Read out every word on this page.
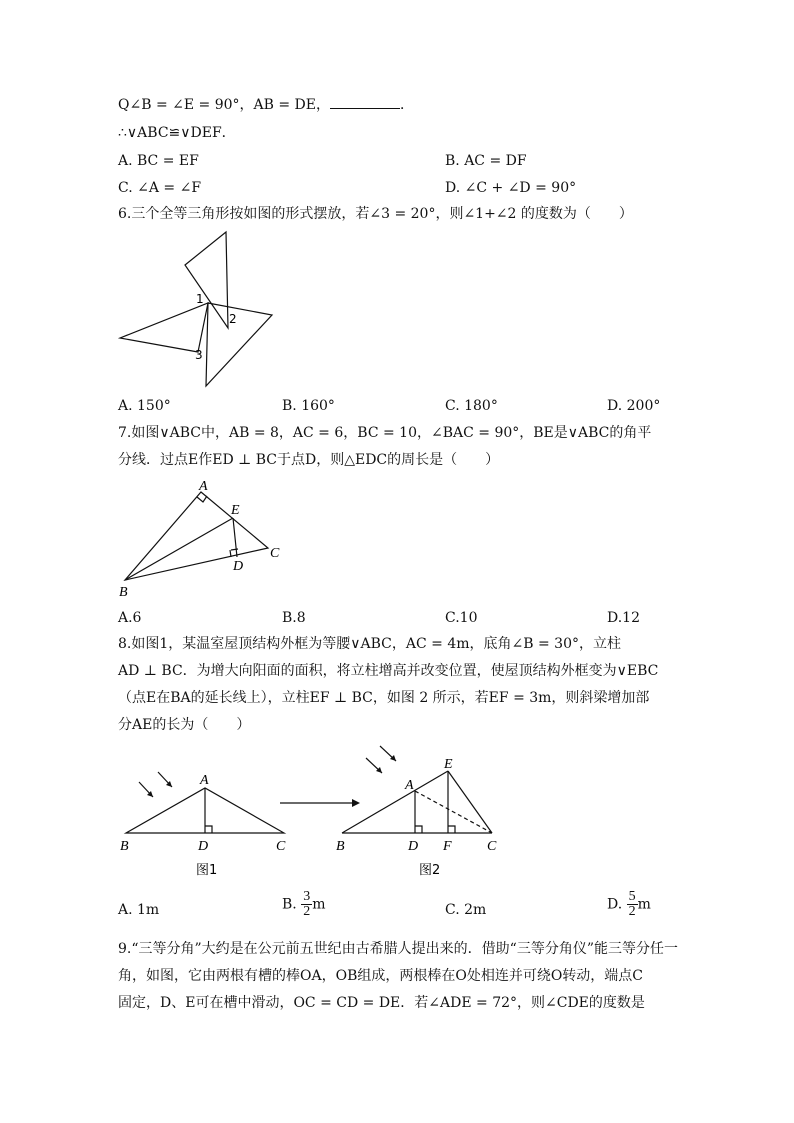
Q∠B = ∠E = 90°，AB = DE，	．
∴∨ABC≌∨DEF．
A. BC = EF	B. AC = DF
C. ∠A = ∠F	D. ∠C + ∠D = 90°
6.三个全等三角形按如图的形式摆放，若∠3 = 20°，则∠1+∠2 的度数为（　　）
1
2
3
A. 150°	B. 160°	C. 180°	D. 200°
7.如图∨ABC中，AB = 8，AC = 6，BC = 10，∠BAC = 90°，BE是∨ABC的角平
分线．过点E作ED ⊥ BC于点D，则△EDC的周长是（　　）
A
E
C
D
B
A.6	B.8	C.10	D.12
8.如图1，某温室屋顶结构外框为等腰∨ABC，AC = 4m，底角∠B = 30°，立柱
AD ⊥ BC．为增大向阳面的面积，将立柱增高并改变位置，使屋顶结构外框变为∨EBC
（点E在BA的延长线上），立柱EF ⊥ BC，如图 2 所示，若EF = 3m，则斜梁增加部
分AE的长为（　　）
A
B	D	C
图1
E
A
B	D F	C
图2
A. 1m	B. $\frac{3}{2}$ m	C. 2m	D. $\frac{5}{2}$ m
9.“三等分角”大约是在公元前五世纪由古希腊人提出来的．借助“三等分角仪”能三等分任一
角，如图，它由两根有槽的棒OA，OB组成，两根棒在O处相连并可绕O转动，端点C
固定，D、E可在槽中滑动，OC = CD = DE．若∠ADE = 72°，则∠CDE的度数是
